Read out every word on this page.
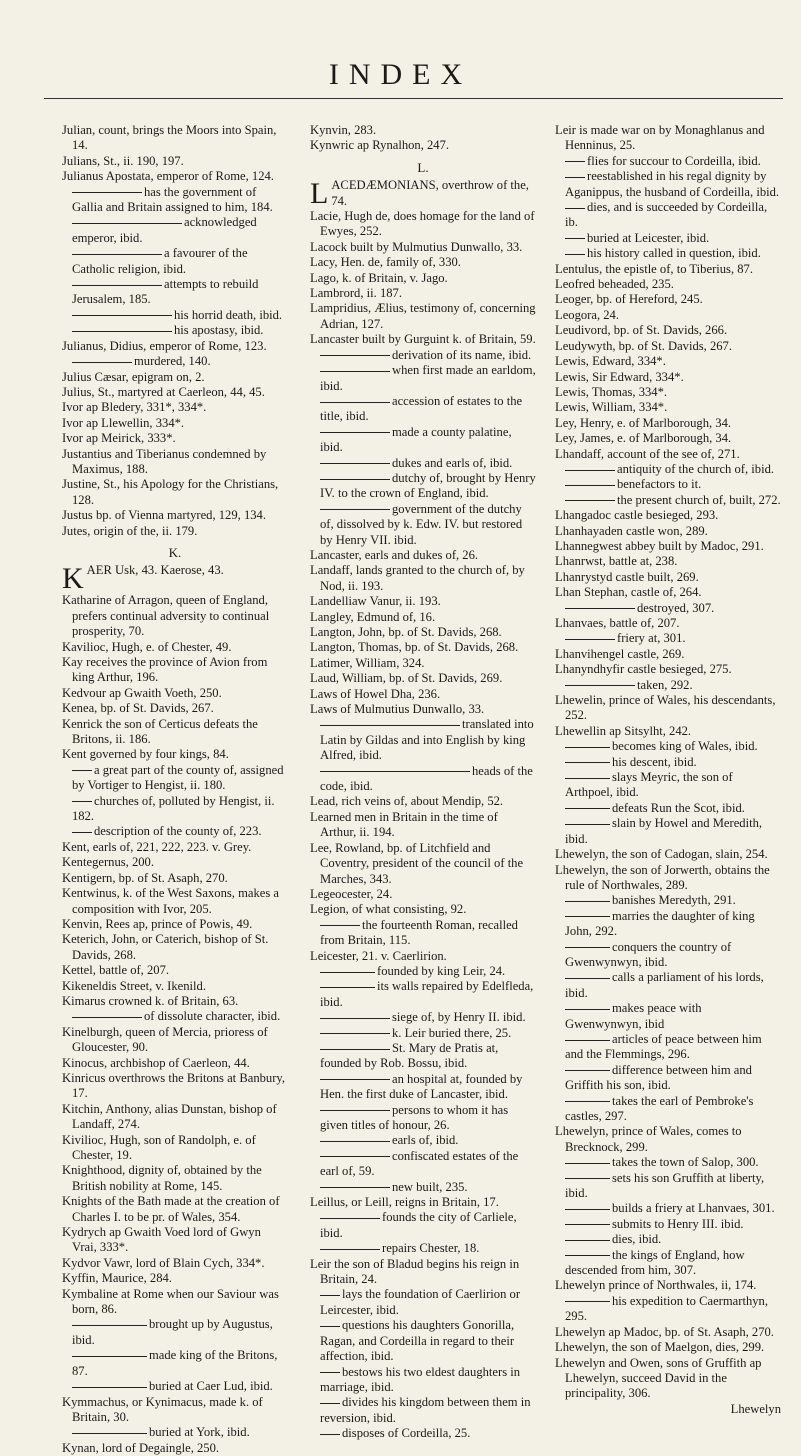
INDEX
Julian, count, brings the Moors into Spain, 14.
Julians, St., ii. 190, 197.
Julianus Apostata, emperor of Rome, 124.
has the government of Gallia and Britain assigned to him, 184.
acknowledged emperor, ibid.
a favourer of the Catholic religion, ibid.
attempts to rebuild Jerusalem, 185.
his horrid death, ibid.
his apostasy, ibid.
Julianus, Didius, emperor of Rome, 123.
murdered, 140.
Julius Cæsar, epigram on, 2.
Julius, St., martyred at Caerleon, 44, 45.
Ivor ap Bledery, 331*, 334*.
Ivor ap Llewellin, 334*.
Ivor ap Meirick, 333*.
Justantius and Tiberianus condemned by Maximus, 188.
Justine, St., his Apology for the Christians, 128.
Justus bp. of Vienna martyred, 129, 134.
Jutes, origin of the, ii. 179.
K.
KAER Usk, 43. Kaerose, 43.
Katharine of Arragon, queen of England, prefers continual adversity to continual prosperity, 70.
Kavilioc, Hugh, e. of Chester, 49.
Kay receives the province of Avion from king Arthur, 196.
Kedvour ap Gwaith Voeth, 250.
Kenea, bp. of St. Davids, 267.
Kenrick the son of Certicus defeats the Britons, ii. 186.
Kent governed by four kings, 84.
a great part of the county of, assigned by Vortiger to Hengist, ii. 180.
churches of, polluted by Hengist, ii. 182.
description of the county of, 223.
Kent, earls of, 221, 222, 223. v. Grey.
Kentegernus, 200.
Kentigern, bp. of St. Asaph, 270.
Kentwinus, k. of the West Saxons, makes a composition with Ivor, 205.
Kenvin, Rees ap, prince of Powis, 49.
Keterich, John, or Caterich, bishop of St. Davids, 268.
Kettel, battle of, 207.
Kikeneldis Street, v. Ikenild.
Kimarus crowned k. of Britain, 63.
of dissolute character, ibid.
Kinelburgh, queen of Mercia, prioress of Gloucester, 90.
Kinocus, archbishop of Caerleon, 44.
Kinricus overthrows the Britons at Banbury, 17.
Kitchin, Anthony, alias Dunstan, bishop of Landaff, 274.
Kivilioc, Hugh, son of Randolph, e. of Chester, 19.
Knighthood, dignity of, obtained by the British nobility at Rome, 145.
Knights of the Bath made at the creation of Charles I. to be pr. of Wales, 354.
Kydrych ap Gwaith Voed lord of Gwyn Vrai, 333*.
Kydvor Vawr, lord of Blain Cych, 334*.
Kyffin, Maurice, 284.
Kymbaline at Rome when our Saviour was born, 86.
brought up by Augustus, ibid.
made king of the Britons, 87.
buried at Caer Lud, ibid.
Kymmachus, or Kynimacus, made k. of Britain, 30.
buried at York, ibid.
Kynan, lord of Degaingle, 250.
Kynvin, 283.
Kynwric ap Rynalhon, 247.
L.
LACEDÆMONIANS, overthrow of the, 74.
Lacie, Hugh de, does homage for the land of Ewyes, 252.
Lacock built by Mulmutius Dunwallo, 33.
Lacy, Hen. de, family of, 330.
Lago, k. of Britain, v. Jago.
Lambrord, ii. 187.
Lampridius, Ælius, testimony of, concerning Adrian, 127.
Lancaster built by Gurguint k. of Britain, 59.
derivation of its name, ibid.
when first made an earldom, ibid.
accession of estates to the title, ibid.
made a county palatine, ibid.
dukes and earls of, ibid.
dutchy of, brought by Henry IV. to the crown of England, ibid.
government of the dutchy of, dissolved by k. Edw. IV. but restored by Henry VII. ibid.
Lancaster, earls and dukes of, 26.
Landaff, lands granted to the church of, by Nod, ii. 193.
Landelliaw Vanur, ii. 193.
Langley, Edmund of, 16.
Langton, John, bp. of St. Davids, 268.
Langton, Thomas, bp. of St. Davids, 268.
Latimer, William, 324.
Laud, William, bp. of St. Davids, 269.
Laws of Howel Dha, 236.
Laws of Mulmutius Dunwallo, 33.
translated into Latin by Gildas and into English by king Alfred, ibid.
heads of the code, ibid.
Lead, rich veins of, about Mendip, 52.
Learned men in Britain in the time of Arthur, ii. 194.
Lee, Rowland, bp. of Litchfield and Coventry, president of the council of the Marches, 343.
Legeocester, 24.
Legion, of what consisting, 92.
the fourteenth Roman, recalled from Britain, 115.
Leicester, 21. v. Caerlirion.
founded by king Leir, 24.
its walls repaired by Edelfleda, ibid.
siege of, by Henry II. ibid.
k. Leir buried there, 25.
St. Mary de Pratis at, founded by Rob. Bossu, ibid.
an hospital at, founded by Hen. the first duke of Lancaster, ibid.
persons to whom it has given titles of honour, 26.
earls of, ibid.
confiscated estates of the earl of, 59.
new built, 235.
Leillus, or Leill, reigns in Britain, 17.
founds the city of Carliele, ibid.
repairs Chester, 18.
Leir the son of Bladud begins his reign in Britain, 24.
lays the foundation of Caerlirion or Leircester, ibid.
questions his daughters Gonorilla, Ragan, and Cordeilla in regard to their affection, ibid.
bestows his two eldest daughters in marriage, ibid.
divides his kingdom between them in reversion, ibid.
disposes of Cordeilla, 25.
Leir is made war on by Monaghlanus and Henninus, 25.
flies for succour to Cordeilla, ibid.
reestablished in his regal dignity by Aganippus, the husband of Cordeilla, ibid.
dies, and is succeeded by Cordeilla, ib.
buried at Leicester, ibid.
his history called in question, ibid.
Lentulus, the epistle of, to Tiberius, 87.
Leofred beheaded, 235.
Leoger, bp. of Hereford, 245.
Leogora, 24.
Leudivord, bp. of St. Davids, 266.
Leudywyth, bp. of St. Davids, 267.
Lewis, Edward, 334*.
Lewis, Sir Edward, 334*.
Lewis, Thomas, 334*.
Lewis, William, 334*.
Ley, Henry, e. of Marlborough, 34.
Ley, James, e. of Marlborough, 34.
Lhandaff, account of the see of, 271.
antiquity of the church of, ibid.
benefactors to it.
the present church of, built, 272.
Lhangadoc castle besieged, 293.
Lhanhayaden castle won, 289.
Lhannegwest abbey built by Madoc, 291.
Lhanrwst, battle at, 238.
Lhanrystyd castle built, 269.
Lhan Stephan, castle of, 264.
destroyed, 307.
Lhanvaes, battle of, 207.
friery at, 301.
Lhanvihengel castle, 269.
Lhanyndhyfir castle besieged, 275.
taken, 292.
Lhewelin, prince of Wales, his descendants, 252.
Lhewellin ap Sitsylht, 242.
becomes king of Wales, ibid.
his descent, ibid.
slays Meyric, the son of Arthpoel, ibid.
defeats Run the Scot, ibid.
slain by Howel and Meredith, ibid.
Lhewelyn, the son of Cadogan, slain, 254.
Lhewelyn, the son of Jorwerth, obtains the rule of Northwales, 289.
banishes Meredyth, 291.
marries the daughter of king John, 292.
conquers the country of Gwenwynwyn, ibid.
calls a parliament of his lords, ibid.
makes peace with Gwenwynwyn, ibid
articles of peace between him and the Flemmings, 296.
difference between him and Griffith his son, ibid.
takes the earl of Pembroke's castles, 297.
Lhewelyn, prince of Wales, comes to Brecknock, 299.
takes the town of Salop, 300.
sets his son Gruffith at liberty, ibid.
builds a friery at Lhanvaes, 301.
submits to Henry III. ibid.
dies, ibid.
the kings of England, how descended from him, 307.
Lhewelyn prince of Northwales, ii, 174.
his expedition to Caermarthyn, 295.
Lhewelyn ap Madoc, bp. of St. Asaph, 270.
Lhewelyn, the son of Maelgon, dies, 299.
Lhewelyn and Owen, sons of Gruffith ap Lhewelyn, succeed David in the principality, 306.
Lhewelyn
